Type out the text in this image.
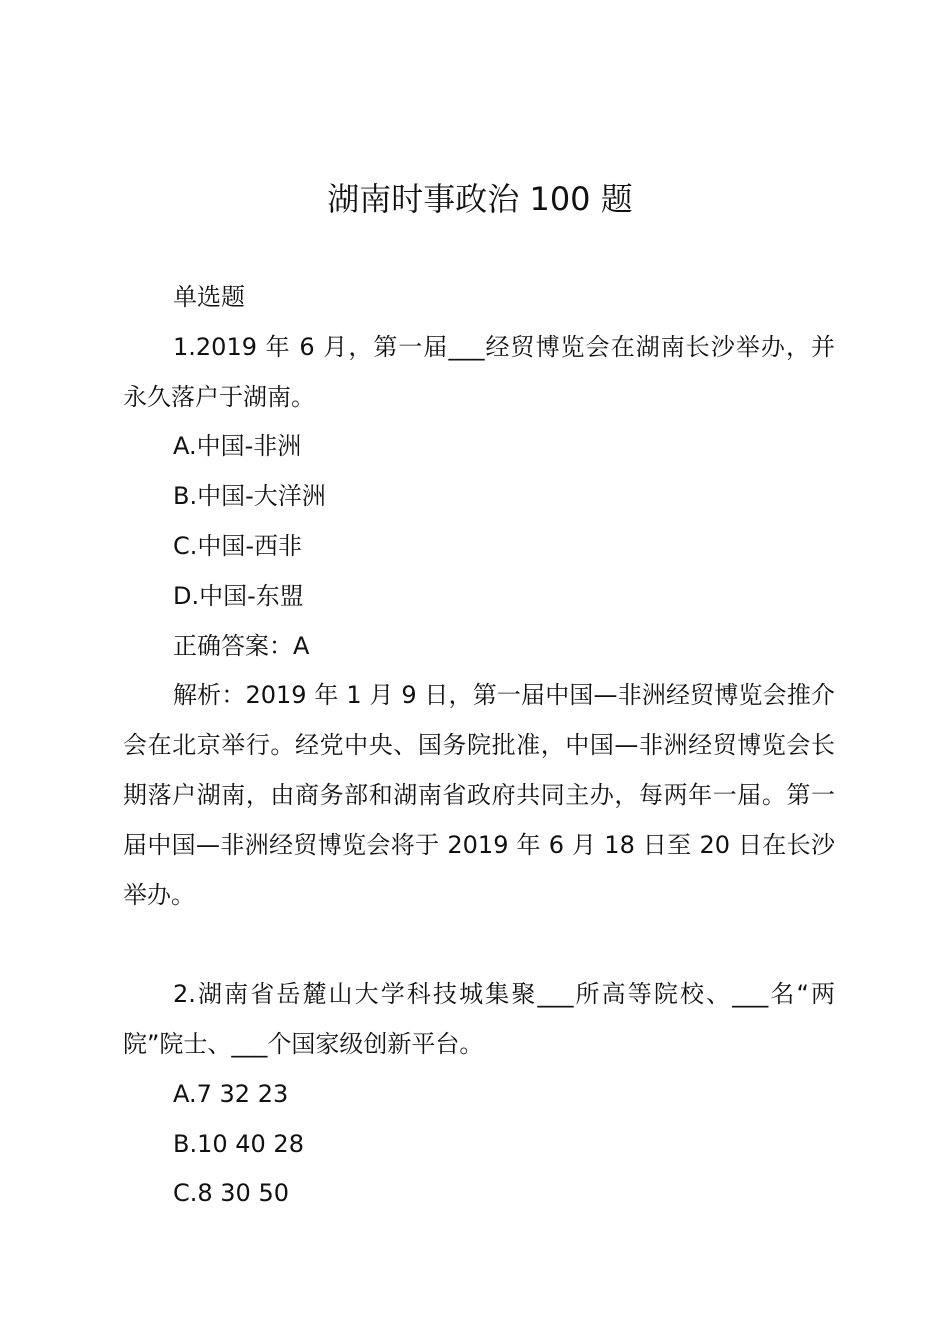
湖南时事政治 100 题

单选题

1.2019 年 6 月，第一届___经贸博览会在湖南长沙举办，并永久落户于湖南。

A.中国-非洲

B.中国-大洋洲

C.中国-西非

D.中国-东盟

正确答案：A

解析：2019 年 1 月 9 日，第一届中国—非洲经贸博览会推介会在北京举行。经党中央、国务院批准，中国—非洲经贸博览会长期落户湖南，由商务部和湖南省政府共同主办，每两年一届。第一届中国—非洲经贸博览会将于 2019 年 6 月 18 日至 20 日在长沙举办。

2.湖南省岳麓山大学科技城集聚___所高等院校、___名“两院”院士、___个国家级创新平台。

A.7 32 23

B.10 40 28

C.8 30 50
